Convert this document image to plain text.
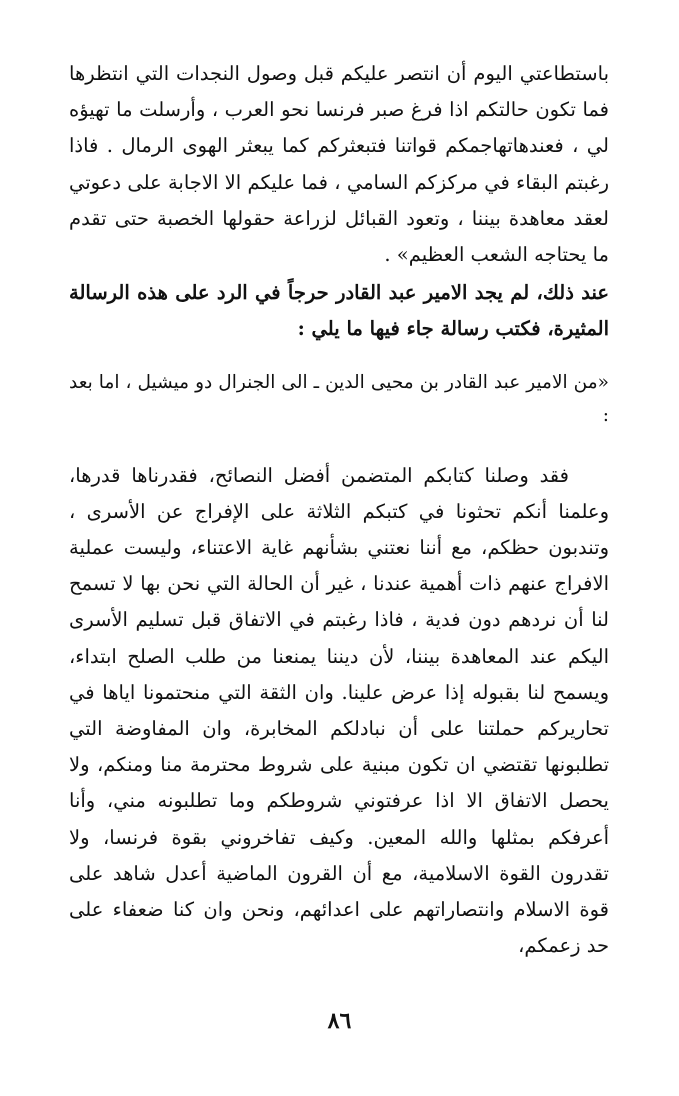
باستطاعتي اليوم أن انتصر عليكم قبل وصول النجدات التي انتظرها فما تكون حالتكم اذا فرغ صبر فرنسا نحو العرب ، وأرسلت ما تهيؤه لي ، فعندهاتهاجمكم قواتنا فتبعثركم كما يبعثر الهوى الرمال . فاذا رغبتم البقاء في مركزكم السامي ، فما عليكم الا الاجابة على دعوتي لعقد معاهدة بيننا ، وتعود القبائل لزراعة حقولها الخصبة حتى تقدم ما يحتاجه الشعب العظيم» .

عند ذلك، لم يجد الامير عبد القادر حرجاً في الرد على هذه الرسالة المثيرة، فكتب رسالة جاء فيها ما يلي :

«من الامير عبد القادر بن محيى الدين ـ الى الجنرال دو ميشيل ، اما بعد :

فقد وصلنا كتابكم المتضمن أفضل النصائح، فقدرناها قدرها، وعلمنا أنكم تحثونا في كتبكم الثلاثة على الإفراج عن الأسرى ، وتندبون حظكم، مع أننا نعتني بشأنهم غاية الاعتناء، وليست عملية الافراج عنهم ذات أهمية عندنا ، غير أن الحالة التي نحن بها لا تسمح لنا أن نردهم دون فدية ، فاذا رغبتم في الاتفاق قبل تسليم الأسرى اليكم عند المعاهدة بيننا، لأن ديننا يمنعنا من طلب الصلح ابتداء، ويسمح لنا بقبوله إذا عرض علينا. وان الثقة التي منحتمونا اياها في تحاريركم حملتنا على أن نبادلكم المخابرة، وان المفاوضة التي تطلبونها تقتضي ان تكون مبنية على شروط محترمة منا ومنكم، ولا يحصل الاتفاق الا اذا عرفتوني شروطكم وما تطلبونه مني، وأنا أعرفكم بمثلها والله المعين. وكيف تفاخروني بقوة فرنسا، ولا تقدرون القوة الاسلامية، مع أن القرون الماضية أعدل شاهد على قوة الاسلام وانتصاراتهم على اعدائهم، ونحن وان كنا ضعفاء على حد زعمكم،

٨٦
